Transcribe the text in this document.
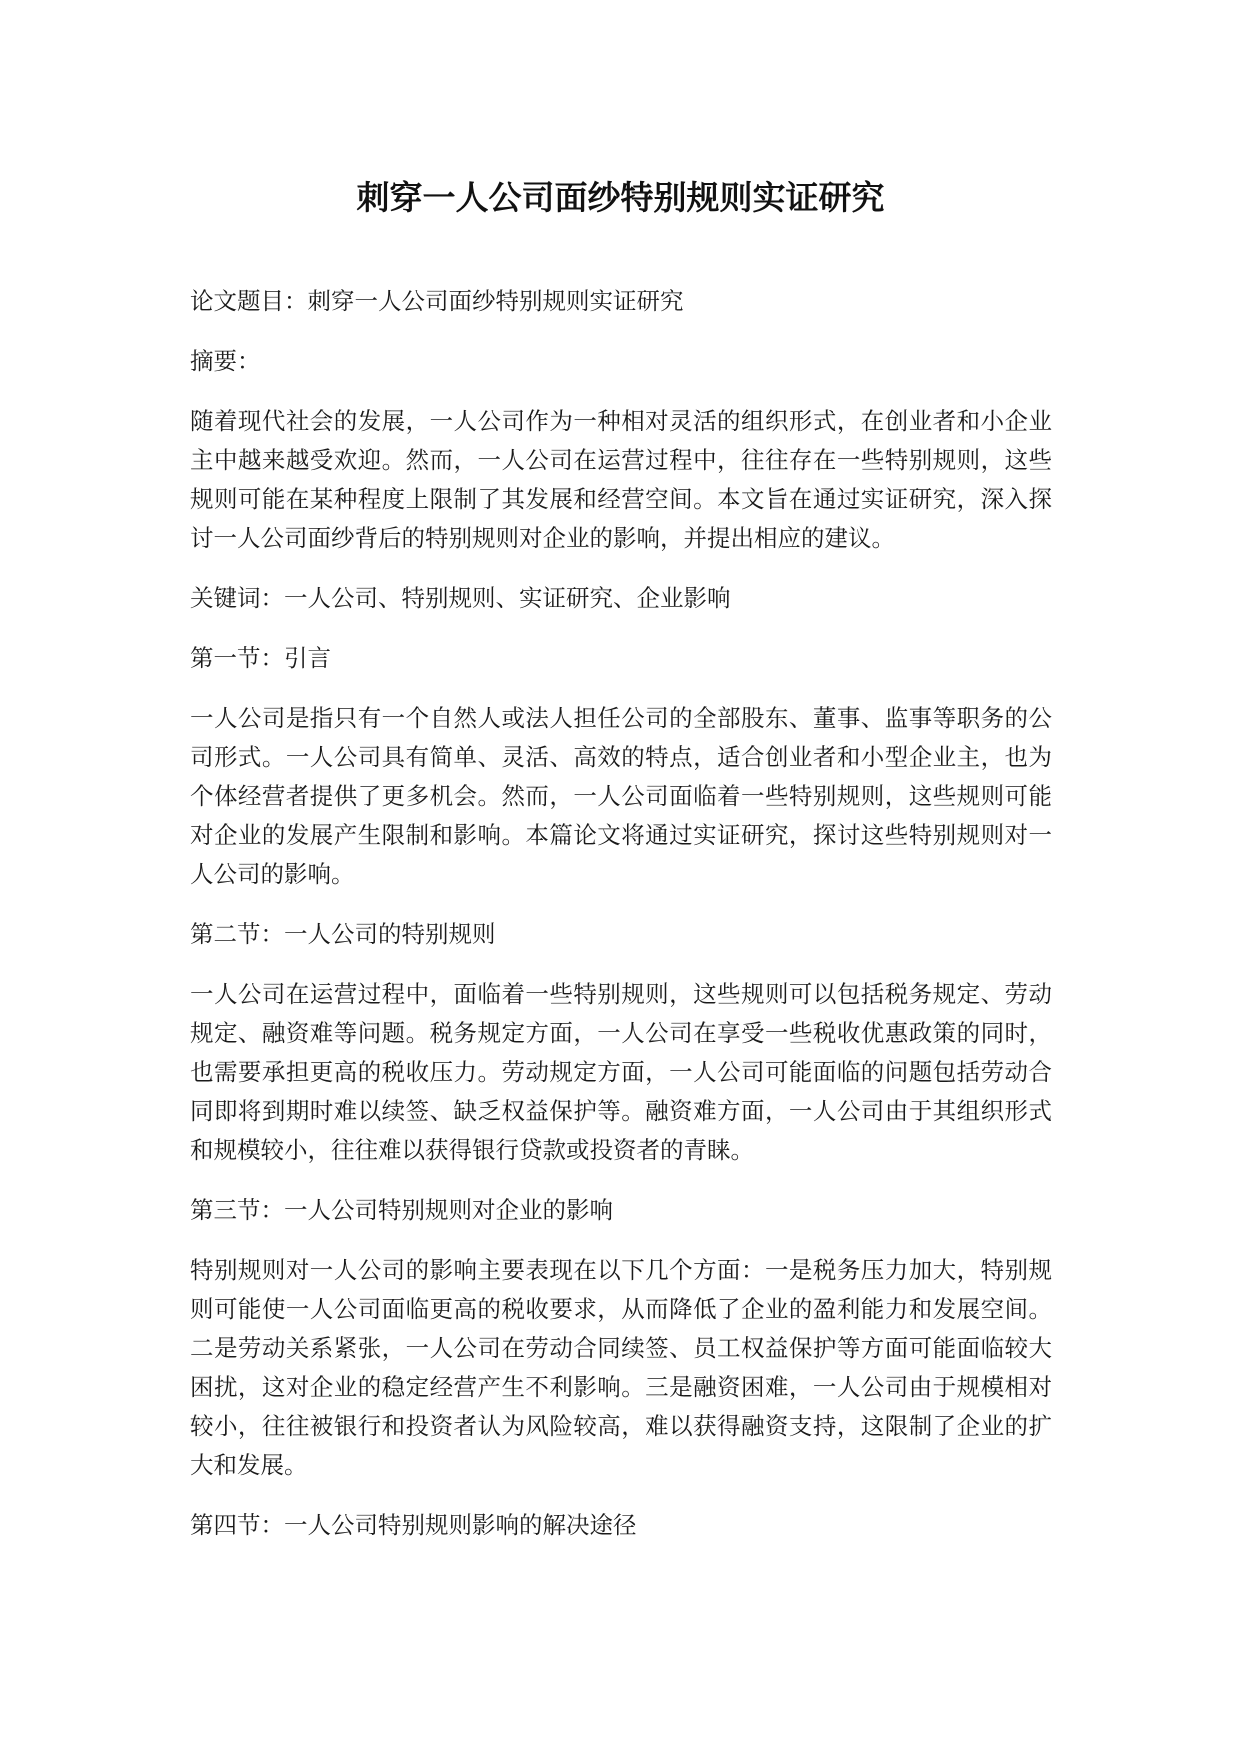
刺穿一人公司面纱特别规则实证研究

论文题目：刺穿一人公司面纱特别规则实证研究

摘要：

随着现代社会的发展，一人公司作为一种相对灵活的组织形式，在创业者和小企业主中越来越受欢迎。然而，一人公司在运营过程中，往往存在一些特别规则，这些规则可能在某种程度上限制了其发展和经营空间。本文旨在通过实证研究，深入探讨一人公司面纱背后的特别规则对企业的影响，并提出相应的建议。

关键词：一人公司、特别规则、实证研究、企业影响

第一节：引言

一人公司是指只有一个自然人或法人担任公司的全部股东、董事、监事等职务的公司形式。一人公司具有简单、灵活、高效的特点，适合创业者和小型企业主，也为个体经营者提供了更多机会。然而，一人公司面临着一些特别规则，这些规则可能对企业的发展产生限制和影响。本篇论文将通过实证研究，探讨这些特别规则对一人公司的影响。

第二节：一人公司的特别规则

一人公司在运营过程中，面临着一些特别规则，这些规则可以包括税务规定、劳动规定、融资难等问题。税务规定方面，一人公司在享受一些税收优惠政策的同时，也需要承担更高的税收压力。劳动规定方面，一人公司可能面临的问题包括劳动合同即将到期时难以续签、缺乏权益保护等。融资难方面，一人公司由于其组织形式和规模较小，往往难以获得银行贷款或投资者的青睐。

第三节：一人公司特别规则对企业的影响

特别规则对一人公司的影响主要表现在以下几个方面：一是税务压力加大，特别规则可能使一人公司面临更高的税收要求，从而降低了企业的盈利能力和发展空间。二是劳动关系紧张，一人公司在劳动合同续签、员工权益保护等方面可能面临较大困扰，这对企业的稳定经营产生不利影响。三是融资困难，一人公司由于规模相对较小，往往被银行和投资者认为风险较高，难以获得融资支持，这限制了企业的扩大和发展。

第四节：一人公司特别规则影响的解决途径
